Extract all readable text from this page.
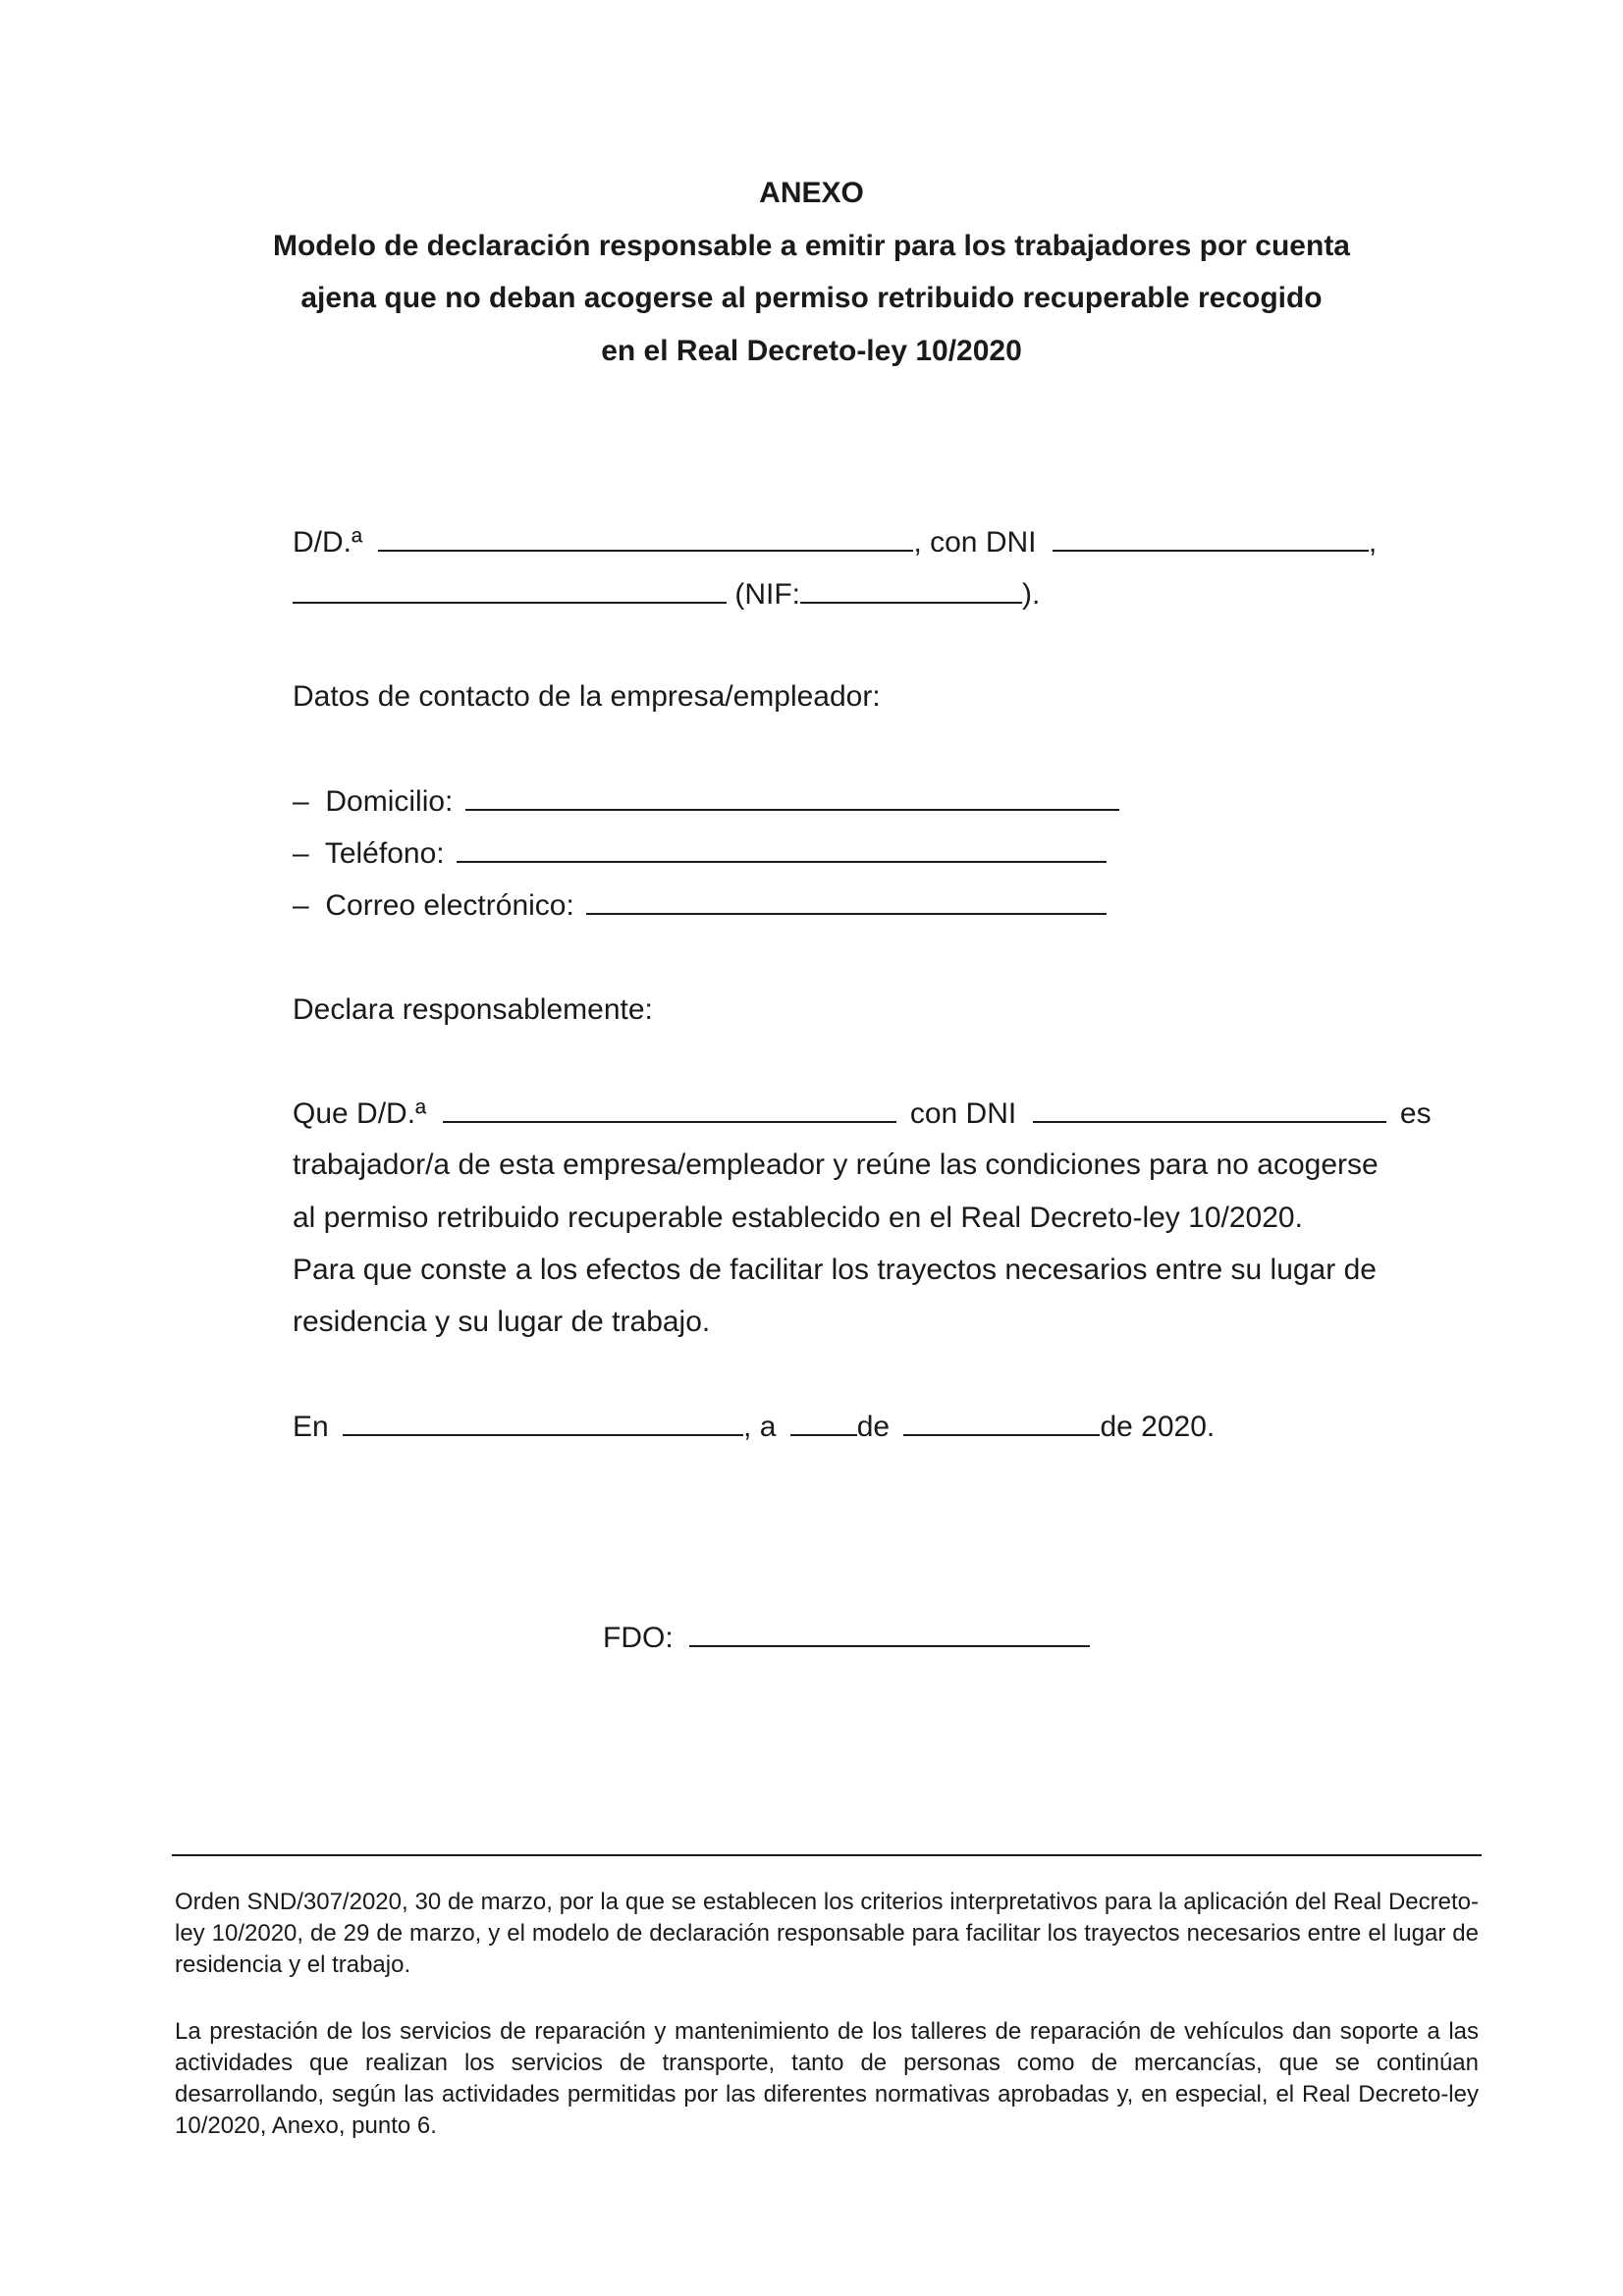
ANEXO
Modelo de declaración responsable a emitir para los trabajadores por cuenta
ajena que no deban acogerse al permiso retribuido recuperable recogido
en el Real Decreto-ley 10/2020
D/D.ª	, con DNI	,
(NIF:	).
Datos de contacto de la empresa/empleador:
– Domicilio:
– Teléfono:
– Correo electrónico:
Declara responsablemente:
Que D/D.ª	con DNI	es
trabajador/a de esta empresa/empleador y reúne las condiciones para no acogerse
al permiso retribuido recuperable establecido en el Real Decreto-ley 10/2020.
Para que conste a los efectos de facilitar los trayectos necesarios entre su lugar de
residencia y su lugar de trabajo.
En	, a	de	de 2020.
FDO:
Orden SND/307/2020, 30 de marzo, por la que se establecen los criterios interpretativos para la aplicación del Real Decreto-ley 10/2020, de 29 de marzo, y el modelo de declaración responsable para facilitar los trayectos necesarios entre el lugar de residencia y el trabajo.
La prestación de los servicios de reparación y mantenimiento de los talleres de reparación de vehículos dan soporte a las actividades que realizan los servicios de transporte, tanto de personas como de mercancías, que se continúan desarrollando, según las actividades permitidas por las diferentes normativas aprobadas y, en especial, el Real Decreto-ley 10/2020, Anexo, punto 6.
